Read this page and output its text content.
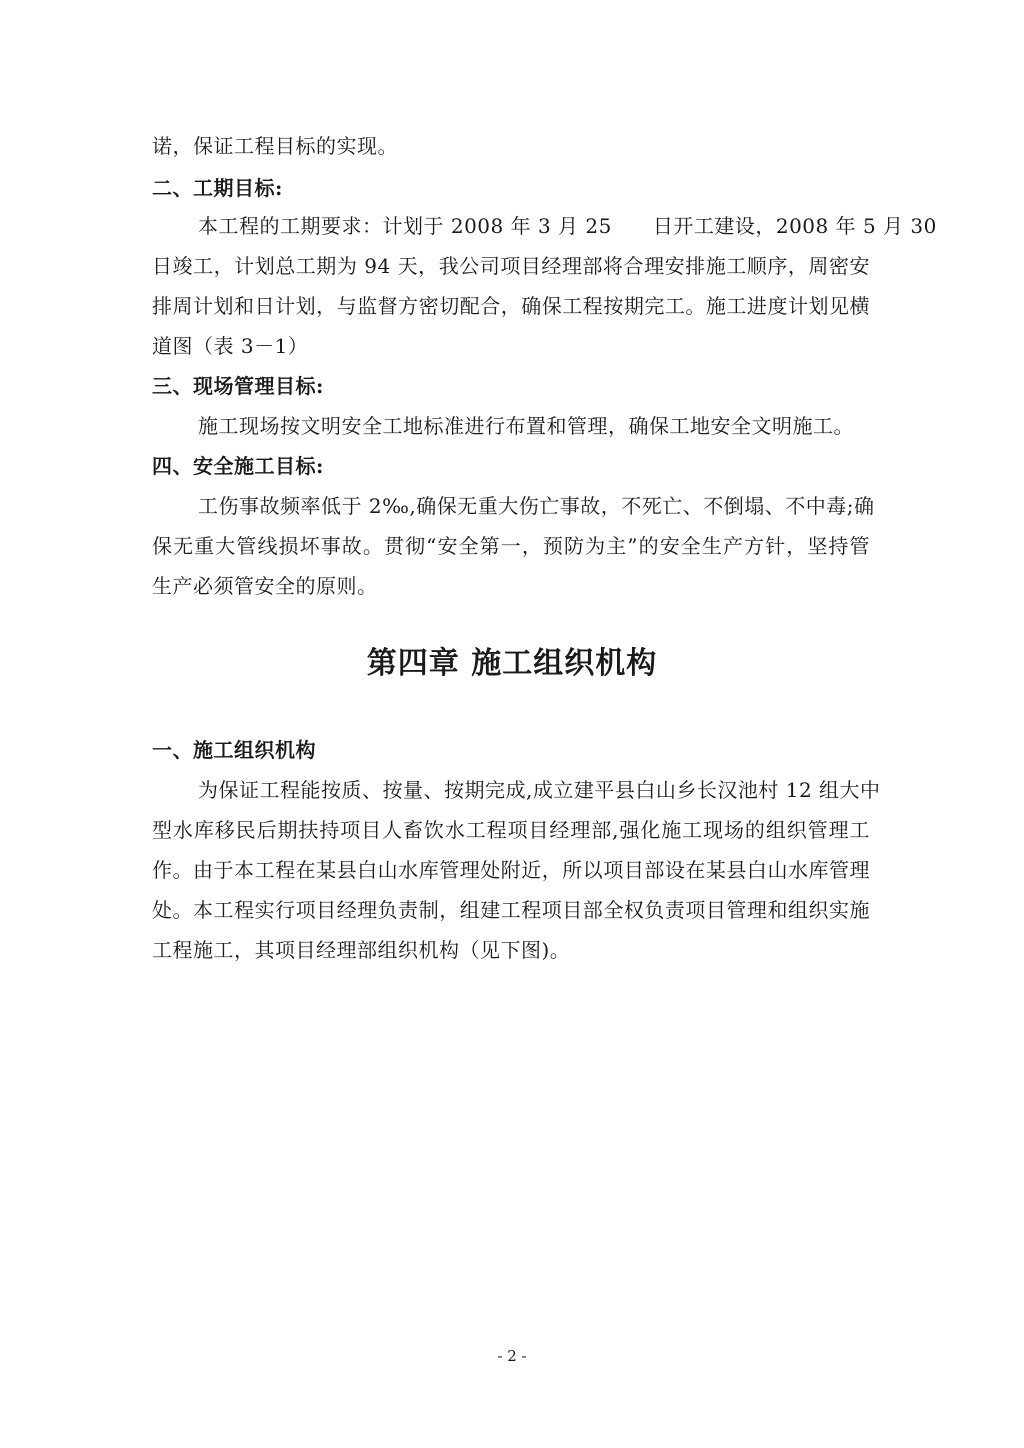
诺，保证工程目标的实现。
二、工期目标:
本工程的工期要求：计划于 2008 年 3 月 25　　日开工建设，2008 年 5 月 30
日竣工，计划总工期为 94 天，我公司项目经理部将合理安排施工顺序，周密安
排周计划和日计划，与监督方密切配合，确保工程按期完工。施工进度计划见横
道图（表 3－1）
三、现场管理目标:
施工现场按文明安全工地标准进行布置和管理，确保工地安全文明施工。
四、安全施工目标:
工伤事故频率低于 2‰,确保无重大伤亡事故，不死亡、不倒塌、不中毒;确
保无重大管线损坏事故。贯彻“安全第一，预防为主”的安全生产方针，坚持管
生产必须管安全的原则。
第四章 施工组织机构
一、施工组织机构
为保证工程能按质、按量、按期完成,成立建平县白山乡长汉池村 12 组大中
型水库移民后期扶持项目人畜饮水工程项目经理部,强化施工现场的组织管理工
作。由于本工程在某县白山水库管理处附近，所以项目部设在某县白山水库管理
处。本工程实行项目经理负责制，组建工程项目部全权负责项目管理和组织实施
工程施工，其项目经理部组织机构（见下图)。
- 2 -
